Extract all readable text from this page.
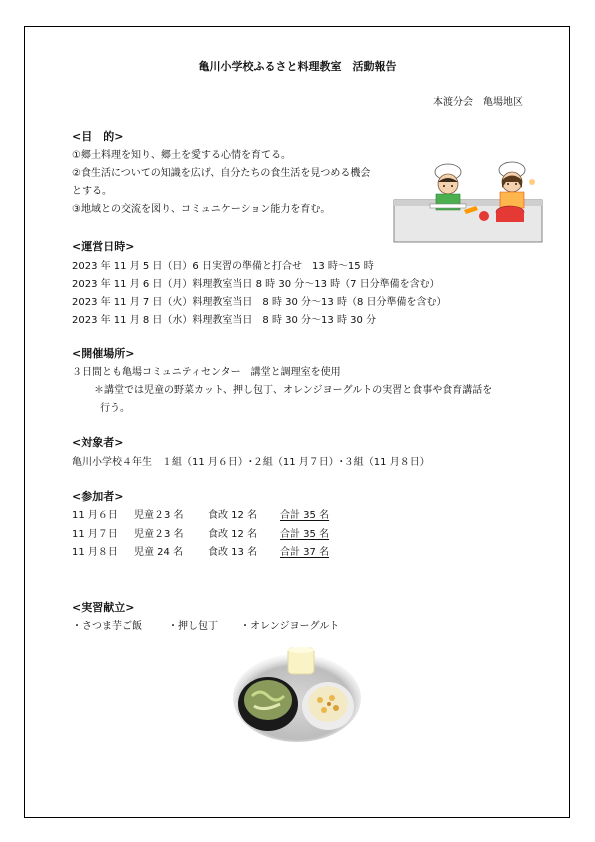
亀川小学校ふるさと料理教室　活動報告
本渡分会　亀場地区
<目　的>
①郷土料理を知り、郷土を愛する心情を育てる。
②食生活についての知識を広げ、自分たちの食生活を見つめる機会
とする。
③地域との交流を図り、コミュニケーション能力を育む。
<運営日時>
2023 年 11 月 5 日（日）6 日実習の準備と打合せ　13 時～15 時
2023 年 11 月 6 日（月）料理教室当日 8 時 30 分～13 時（7 日分準備を含む）
2023 年 11 月 7 日（火）料理教室当日　8 時 30 分～13 時（8 日分準備を含む）
2023 年 11 月 8 日（水）料理教室当日　8 時 30 分～13 時 30 分
<開催場所>
３日間とも亀場コミュニティセンター　講堂と調理室を使用
＊講堂では児童の野菜カット、押し包丁、オレンジヨーグルトの実習と食事や食育講話を
行う。
<対象者>
亀川小学校４年生　１組（11 月６日）･２組（11 月７日）･３組（11 月８日）
<参加者>
11 月６日 児童２3 名 食改 12 名 合計 35 名
11 月７日 児童２3 名 食改 12 名 合計 35 名
11 月８日 児童 24 名 食改 13 名 合計 37 名
<実習献立>
・さつま芋ご飯	・押し包丁 ・オレンジヨーグルト
